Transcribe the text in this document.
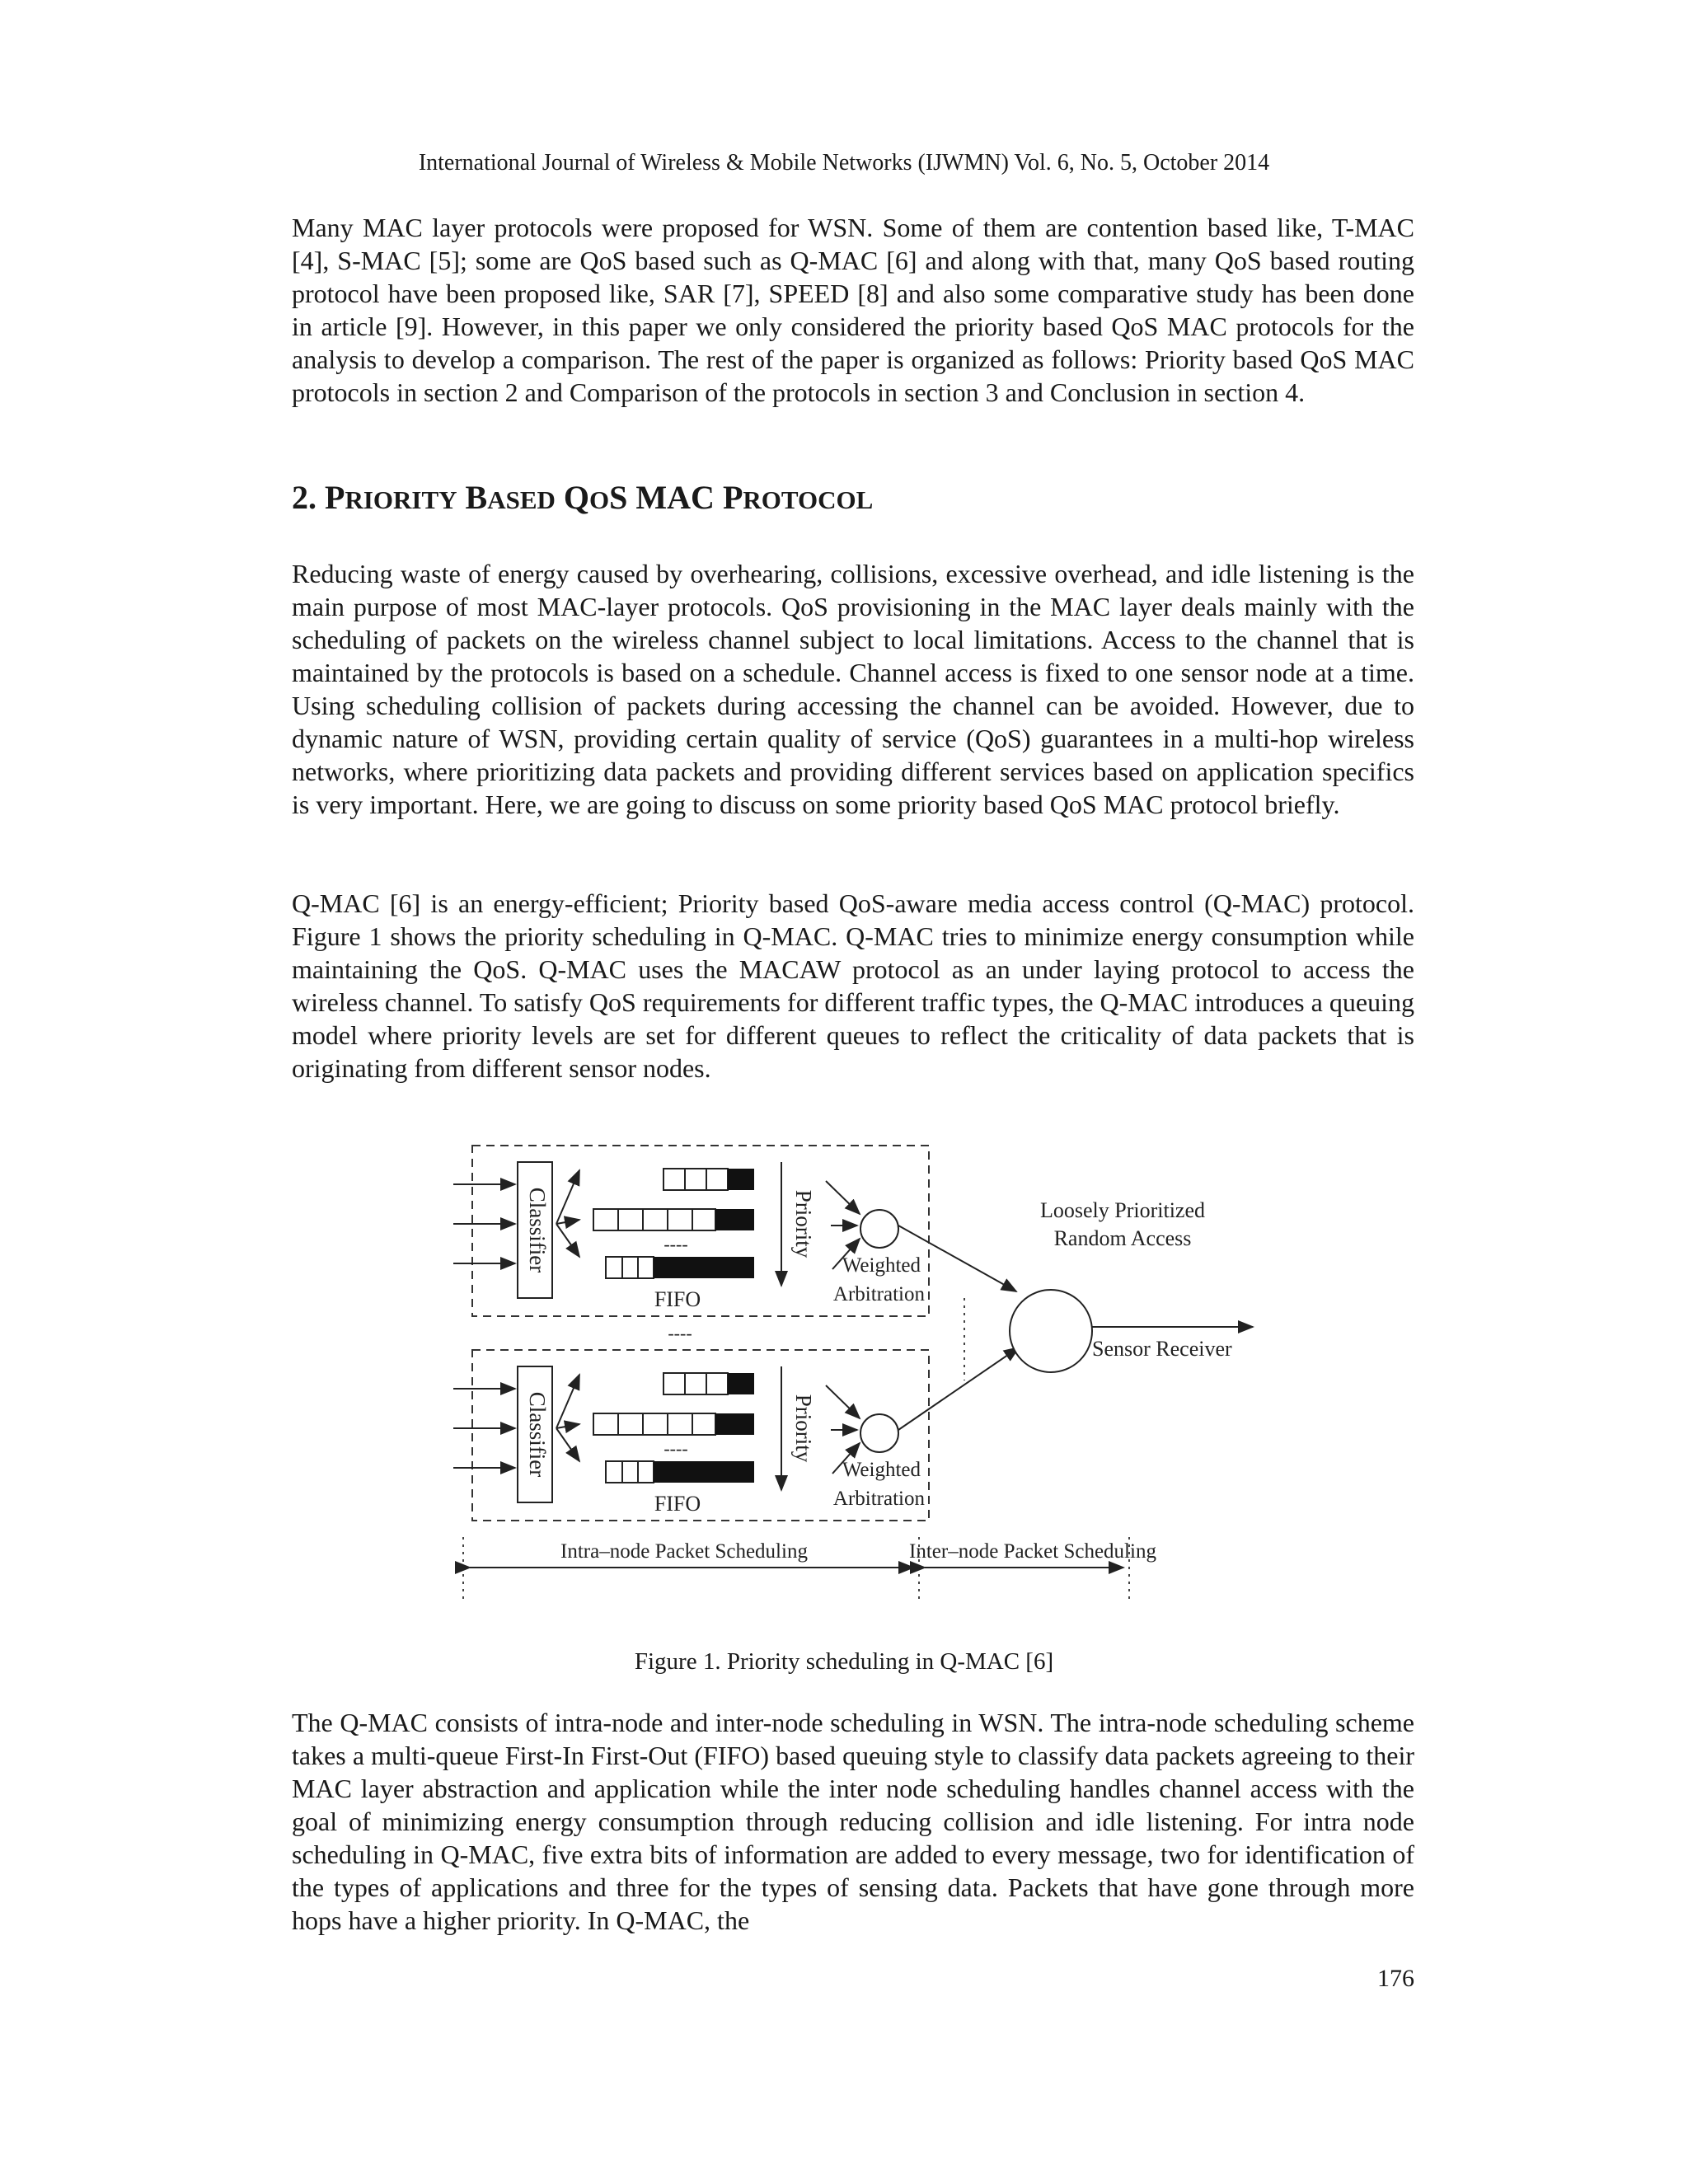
International Journal of Wireless & Mobile Networks (IJWMN) Vol. 6, No. 5, October 2014

Many MAC layer protocols were proposed for WSN. Some of them are contention based like, T-MAC [4], S-MAC [5]; some are QoS based such as Q-MAC [6] and along with that, many QoS based routing protocol have been proposed like, SAR [7], SPEED [8] and also some comparative study has been done in article [9]. However, in this paper we only considered the priority based QoS MAC protocols for the analysis to develop a comparison. The rest of the paper is organized as follows: Priority based QoS MAC protocols in section 2 and Comparison of the protocols in section 3 and Conclusion in section 4.

2. PRIORITY BASED QOS MAC PROTOCOL

Reducing waste of energy caused by overhearing, collisions, excessive overhead, and idle listening is the main purpose of most MAC-layer protocols. QoS provisioning in the MAC layer deals mainly with the scheduling of packets on the wireless channel subject to local limitations. Access to the channel that is maintained by the protocols is based on a schedule. Channel access is fixed to one sensor node at a time. Using scheduling collision of packets during accessing the channel can be avoided. However, due to dynamic nature of WSN, providing certain quality of service (QoS) guarantees in a multi-hop wireless networks, where prioritizing data packets and providing different services based on application specifics is very important. Here, we are going to discuss on some priority based QoS MAC protocol briefly.

Q-MAC [6] is an energy-efficient; Priority based QoS-aware media access control (Q-MAC) protocol. Figure 1 shows the priority scheduling in Q-MAC. Q-MAC tries to minimize energy consumption while maintaining the QoS. Q-MAC uses the MACAW protocol as an under laying protocol to access the wireless channel. To satisfy QoS requirements for different traffic types, the Q-MAC introduces a queuing model where priority levels are set for different queues to reflect the criticality of data packets that is originating from different sensor nodes.

Classifier	----
FIFO
Priority
Weighted
Arbitration
----
Classifier	----
FIFO
Priority
Weighted
Arbitration
Loosely Prioritized
Random Access
Sensor Receiver
Intra–node Packet Scheduling	Inter–node Packet Scheduling
Figure 1. Priority scheduling in Q-MAC [6]

The Q-MAC consists of intra-node and inter-node scheduling in WSN. The intra-node scheduling scheme takes a multi-queue First-In First-Out (FIFO) based queuing style to classify data packets agreeing to their MAC layer abstraction and application while the inter node scheduling handles channel access with the goal of minimizing energy consumption through reducing collision and idle listening. For intra node scheduling in Q-MAC, five extra bits of information are added to every message, two for identification of the types of applications and three for the types of sensing data. Packets that have gone through more hops have a higher priority. In Q-MAC, the

176
